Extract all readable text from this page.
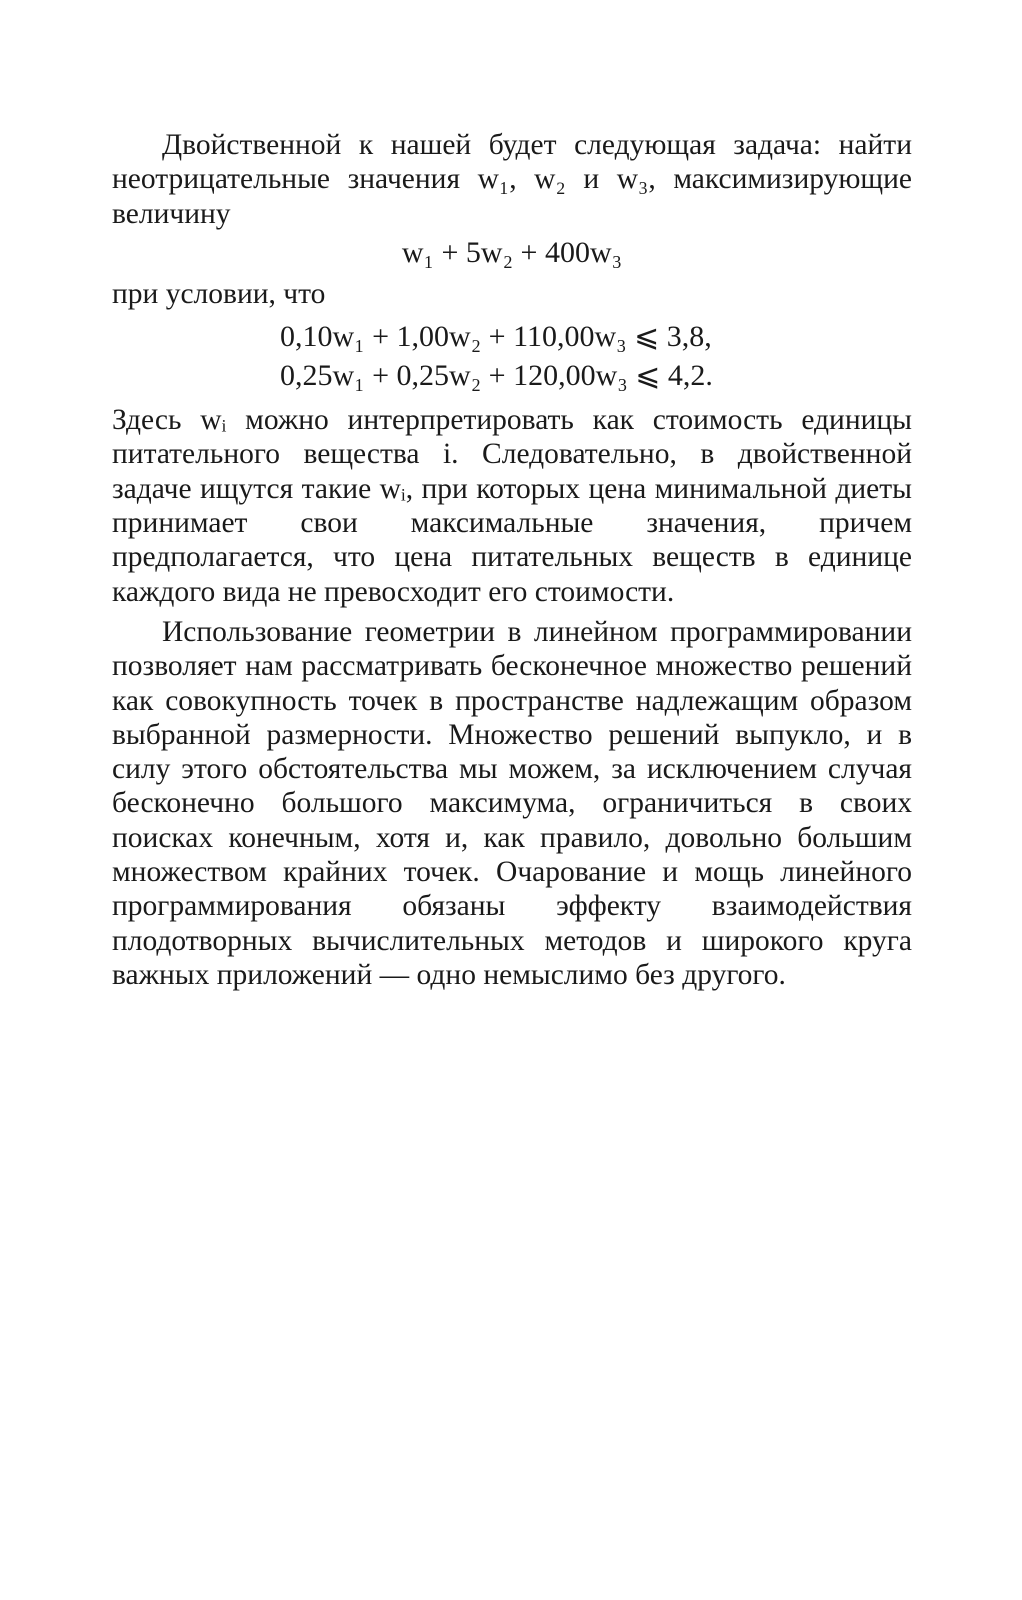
Двойственной к нашей будет следующая задача: найти неотрицательные значения w₁, w₂ и w₃, максимизирующие величину

w₁ + 5w₂ + 400w₃

при условии, что

0,10w₁ + 1,00w₂ + 110,00w₃ ⩽ 3,8,
0,25w₁ + 0,25w₂ + 120,00w₃ ⩽ 4,2.

Здесь wᵢ можно интерпретировать как стоимость единицы питательного вещества i. Следовательно, в двойственной задаче ищутся такие wᵢ, при которых цена минимальной диеты принимает свои максимальные значения, причем предполагается, что цена питательных веществ в единице каждого вида не превосходит его стоимости.

Использование геометрии в линейном программировании позволяет нам рассматривать бесконечное множество решений как совокупность точек в пространстве надлежащим образом выбранной размерности. Множество решений выпукло, и в силу этого обстоятельства мы можем, за исключением случая бесконечно большого максимума, ограничиться в своих поисках конечным, хотя и, как правило, довольно большим множеством крайних точек. Очарование и мощь линейного программирования обязаны эффекту взаимодействия плодотворных вычислительных методов и широкого круга важных приложений — одно немыслимо без другого.
